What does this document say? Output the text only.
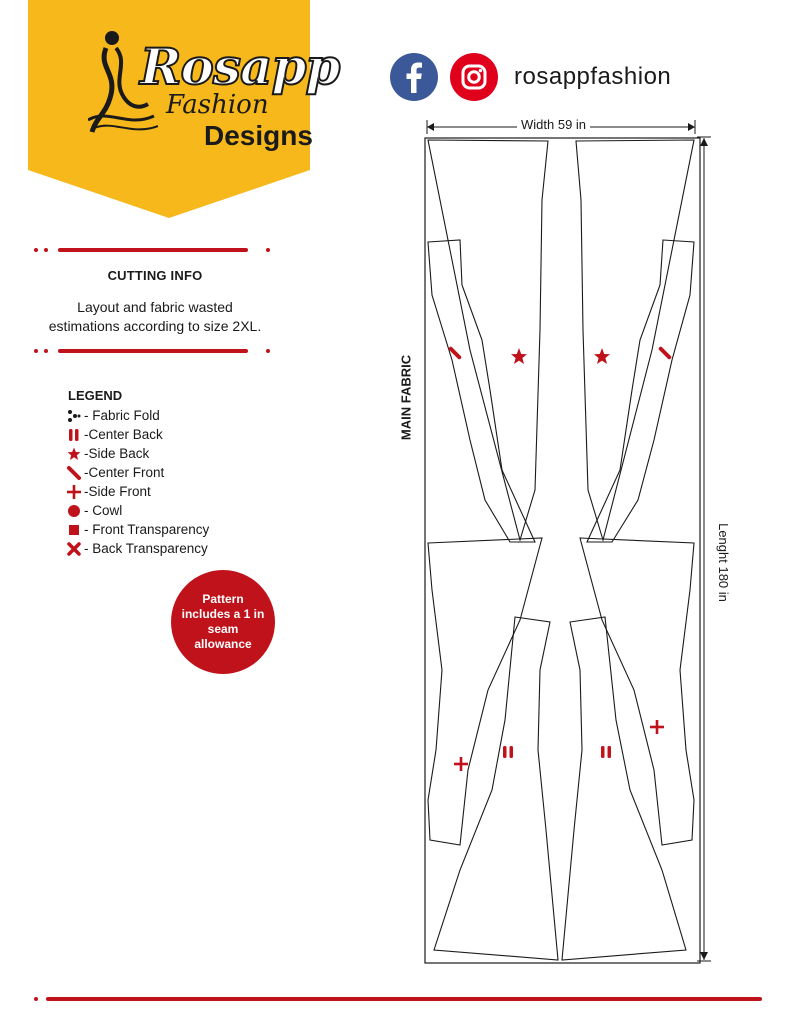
Rosapp
Fashion
Designs
CUTTING INFO
Layout and fabric wasted estimations according to size 2XL.
LEGEND
- Fabric Fold
-Center Back
-Side Back
-Center Front
-Side Front
- Cowl
- Front Transparency
- Back Transparency
Pattern includes a 1 in seam allowance
rosappfashion
Width 59 in
Lenght 180 in
MAIN FABRIC
